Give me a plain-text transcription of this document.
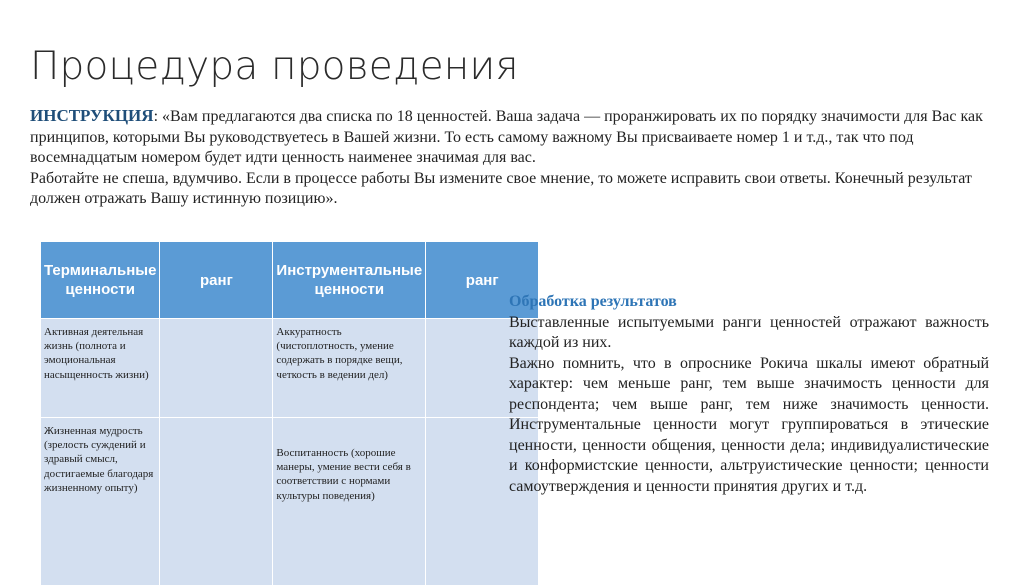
Процедура проведения
ИНСТРУКЦИЯ: «Вам предлагаются два списка по 18 ценностей. Ваша задача — проранжировать их по порядку значимости для Вас как принципов, которыми Вы руководствуетесь в Вашей жизни. То есть самому важному Вы присваиваете номер 1 и т.д., так что под восемнадцатым номером будет идти ценность наименее значимая для вас.
Работайте не спеша, вдумчиво. Если в процессе работы Вы измените свое мнение, то можете исправить свои ответы. Конечный результат должен отражать Вашу истинную позицию».
Терминальные ценности	ранг	Инструментальные ценности	ранг
Активная деятельная жизнь (полнота и эмоциональная насыщенность жизни)		Аккуратность (чистоплотность, умение содержать в порядке вещи, четкость в ведении дел)	
Жизненная мудрость (зрелость суждений и здравый смысл, достигаемые благодаря жизненному опыту)		Воспитанность (хорошие манеры, умение вести себя в соответствии с нормами культуры поведения)	
Обработка результатов

Выставленные испытуемыми ранги ценностей отражают важность каждой из них.

Важно помнить, что в опроснике Рокича шкалы имеют обратный характер: чем меньше ранг, тем выше значимость ценности для респондента; чем выше ранг, тем ниже значимость ценности. Инструментальные ценности могут группироваться в этические ценности, ценности общения, ценности дела; индивидуалистические и конформистские ценности, альтруистические ценности; ценности самоутверждения и ценности принятия других и т.д.
